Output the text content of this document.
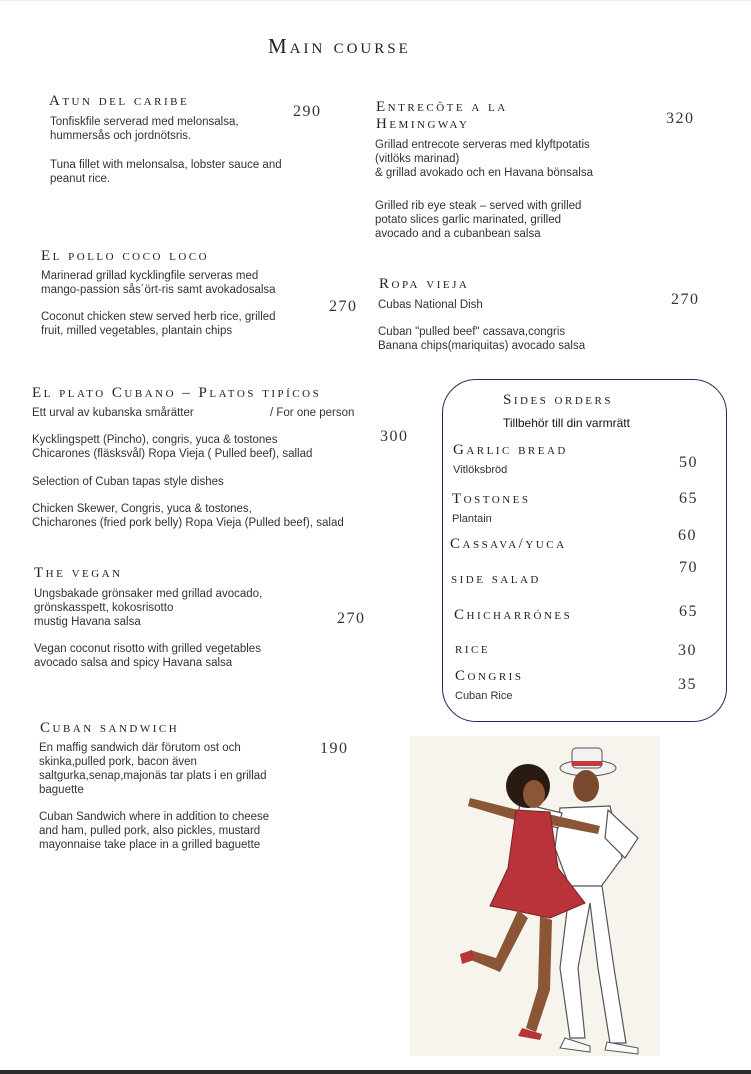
Main course
Atun del caribe
290
Tonfiskfile serverad med melonsalsa,
hummersås och jordnötsris.
Tuna fillet with melonsalsa, lobster sauce and
peanut rice.
Entrecôte a la
Hemingway	320
Grillad entrecote serveras med klyftpotatis
(vitlöks marinad)
& grillad avokado och en Havana bönsalsa
Grilled rib eye steak – served with grilled
potato slices garlic marinated, grilled
avocado and a cubanbean salsa
El pollo coco loco
Marinerad grillad kycklingfile serveras med
mango-passion sås´ört-ris samt avokadosalsa
270
Coconut chicken stew served herb rice, grilled
fruit, milled vegetables, plantain chips
Ropa vieja
Cubas National Dish	270
Cuban "pulled beef" cassava,congris
Banana chips(mariquitas) avocado salsa
El plato Cubano – Platos tipícos
Ett urval av kubanska smårätter	/ For one person
300
Kycklingspett (Pincho), congris, yuca & tostones
Chicarones (fläsksvål) Ropa Vieja ( Pulled beef), sallad
Selection of Cuban tapas style dishes
Chicken Skewer, Congris, yuca & tostones,
Chicharones (fried pork belly) Ropa Vieja (Pulled beef), salad
The vegan
Ungsbakade grönsaker med grillad avocado,
grönskasspett, kokosrisotto
mustig Havana salsa	270
Vegan coconut risotto with grilled vegetables
avocado salsa and spicy Havana salsa
Cuban sandwich
190
En maffig sandwich där förutom ost och
skinka,pulled pork, bacon även
saltgurka,senap,majonäs tar plats i en grillad
baguette
Cuban Sandwich where in addition to cheese
and ham, pulled pork, also pickles, mustard
mayonnaise take place in a grilled baguette
Sides orders
Tillbehör till din varmrätt
Garlic bread
Vitlöksbröd	50
Tostones
Plantain
65
Cassava/yuca	60
side salad
70
Chicharrónes	65
rice	30
Congris
Cuban Rice
35
